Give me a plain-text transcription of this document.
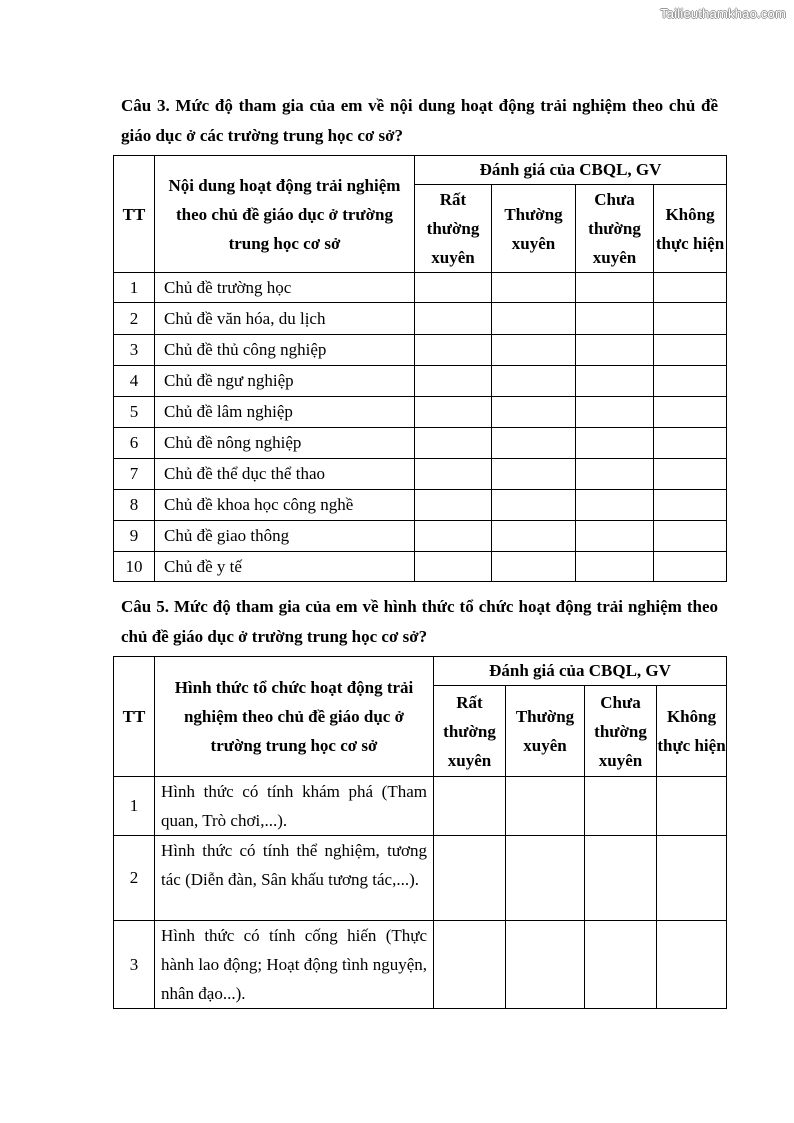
Tailieuthamkhao.com
Câu 3. Mức độ tham gia của em về nội dung hoạt động trải nghiệm theo chủ đề giáo dục ở các trường trung học cơ sở?
TT	Nội dung hoạt động trải nghiệm theo chủ đề giáo dục ở trường trung học cơ sở	Đánh giá của CBQL, GV			
		Rất thường xuyên	Thường xuyên	Chưa thường xuyên	Không thực hiện
1	Chủ đề trường học				
2	Chủ đề văn hóa, du lịch				
3	Chủ đề thủ công nghiệp				
4	Chủ đề ngư nghiệp				
5	Chủ đề lâm nghiệp				
6	Chủ đề nông nghiệp				
7	Chủ đề thể dục thể thao				
8	Chủ đề khoa học công nghề				
9	Chủ đề giao thông				
10	Chủ đề y tế				
Câu 5. Mức độ tham gia của em về hình thức tổ chức hoạt động trải nghiệm theo chủ đề giáo dục ở trường trung học cơ sở?
TT	Hình thức tổ chức hoạt động trải nghiệm theo chủ đề giáo dục ở trường trung học cơ sở	Đánh giá của CBQL, GV			
		Rất thường xuyên	Thường xuyên	Chưa thường xuyên	Không thực hiện
1	Hình thức có tính khám phá (Tham quan, Trò chơi,...).				
2	Hình thức có tính thể nghiệm, tương tác (Diễn đàn, Sân khấu tương tác,...).				
3	Hình thức có tính cống hiến (Thực hành lao động; Hoạt động tình nguyện, nhân đạo...).				
